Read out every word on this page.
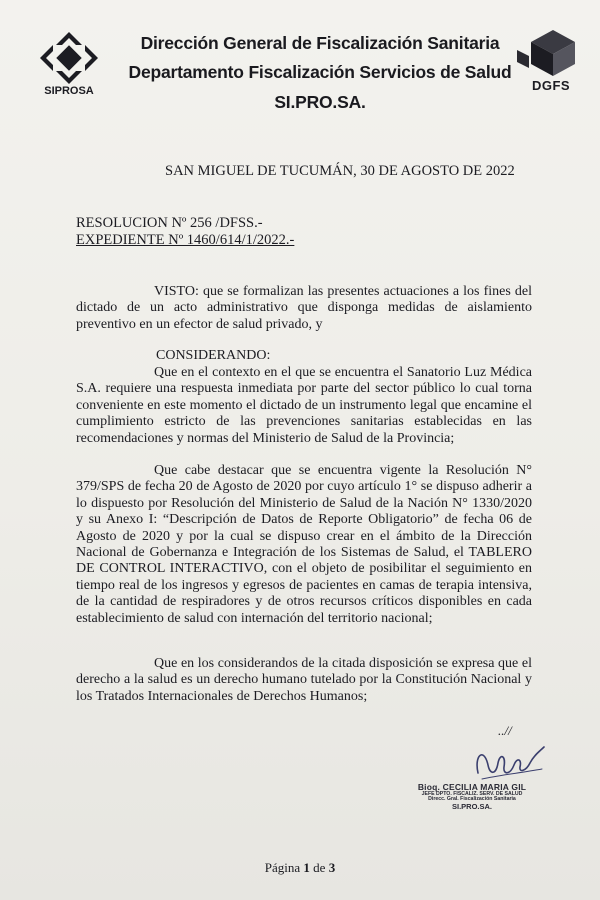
SIPROSA
Dirección General de Fiscalización Sanitaria
Departamento Fiscalización Servicios de Salud
SI.PRO.SA.
DGFS
SAN MIGUEL DE TUCUMÁN, 30 DE AGOSTO DE 2022
RESOLUCION Nº 256 /DFSS.-
EXPEDIENTE Nº 1460/614/1/2022.-

VISTO: que se formalizan las presentes actuaciones a los fines del dictado de un acto administrativo que disponga medidas de aislamiento preventivo en un efector de salud privado, y

CONSIDERANDO:

Que en el contexto en el que se encuentra el Sanatorio Luz Médica S.A. requiere una respuesta inmediata por parte del sector público lo cual torna conveniente en este momento el dictado de un instrumento legal que encamine el cumplimiento estricto de las prevenciones sanitarias establecidas en las recomendaciones y normas del Ministerio de Salud de la Provincia;

Que cabe destacar que se encuentra vigente la Resolución N° 379/SPS de fecha 20 de Agosto de 2020 por cuyo artículo 1° se dispuso adherir a lo dispuesto por Resolución del Ministerio de Salud de la Nación N° 1330/2020 y su Anexo I: “Descripción de Datos de Reporte Obligatorio” de fecha 06 de Agosto de 2020 y por la cual se dispuso crear en el ámbito de la Dirección Nacional de Gobernanza e Integración de los Sistemas de Salud, el TABLERO DE CONTROL INTERACTIVO, con el objeto de posibilitar el seguimiento en tiempo real de los ingresos y egresos de pacientes en camas de terapia intensiva, de la cantidad de respiradores y de otros recursos críticos disponibles en cada establecimiento de salud con internación del territorio nacional;

Que en los considerandos de la citada disposición se expresa que el derecho a la salud es un derecho humano tutelado por la Constitución Nacional y los Tratados Internacionales de Derechos Humanos;

..//
Bioq. CECILIA MARIA GIL
JEFE DPTO. FISCALIZ. SERV. DE SALUD
Direcc. Gral. Fiscalización Sanitaria
SI.PRO.SA.
Página 1 de 3
